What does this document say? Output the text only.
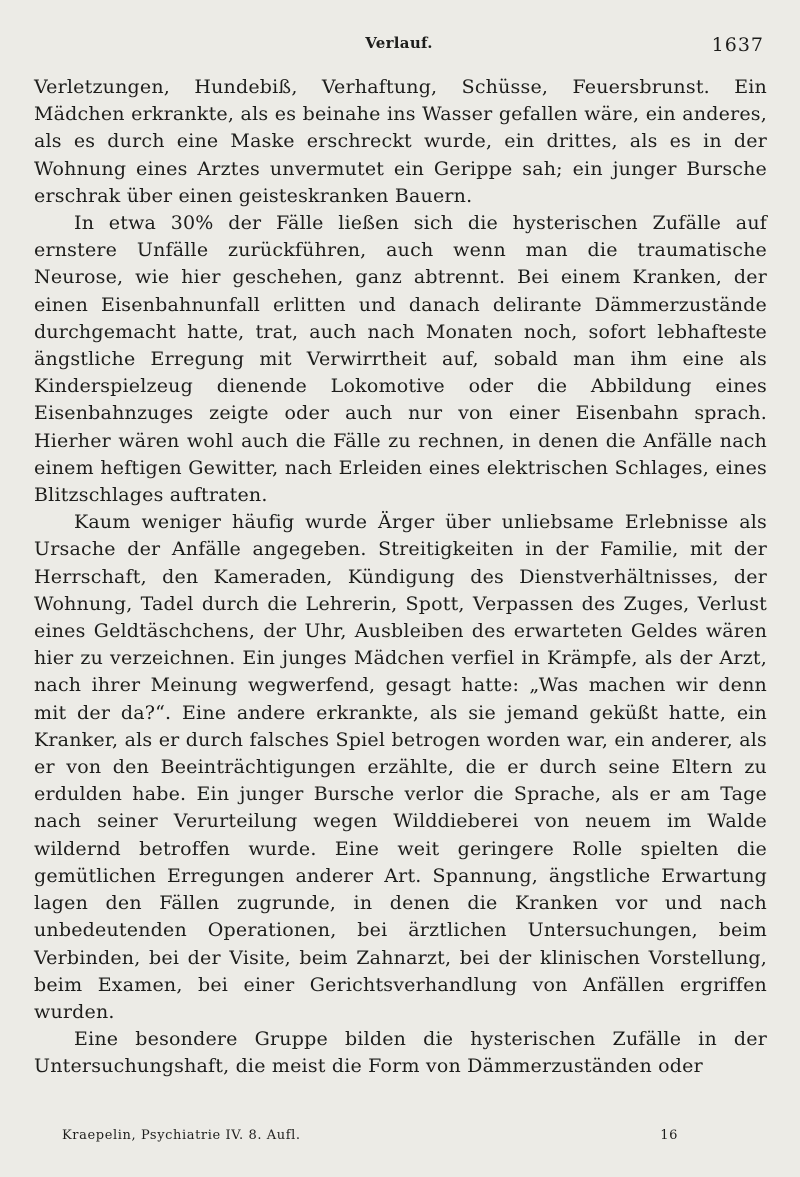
Verlauf.	1637

Verletzungen, Hundebiß, Verhaftung, Schüsse, Feuersbrunst. Ein Mädchen erkrankte, als es beinahe ins Wasser gefallen wäre, ein anderes, als es durch eine Maske erschreckt wurde, ein drittes, als es in der Wohnung eines Arztes unvermutet ein Gerippe sah; ein junger Bursche erschrak über einen geisteskranken Bauern.

In etwa 30% der Fälle ließen sich die hysterischen Zufälle auf ernstere Unfälle zurückführen, auch wenn man die traumatische Neurose, wie hier geschehen, ganz abtrennt. Bei einem Kranken, der einen Eisenbahnunfall erlitten und danach delirante Dämmerzustände durchgemacht hatte, trat, auch nach Monaten noch, sofort lebhafteste ängstliche Erregung mit Verwirrtheit auf, sobald man ihm eine als Kinderspielzeug dienende Lokomotive oder die Abbildung eines Eisenbahnzuges zeigte oder auch nur von einer Eisenbahn sprach. Hierher wären wohl auch die Fälle zu rechnen, in denen die Anfälle nach einem heftigen Gewitter, nach Erleiden eines elektrischen Schlages, eines Blitzschlages auftraten.

Kaum weniger häufig wurde Ärger über unliebsame Erlebnisse als Ursache der Anfälle angegeben. Streitigkeiten in der Familie, mit der Herrschaft, den Kameraden, Kündigung des Dienstverhältnisses, der Wohnung, Tadel durch die Lehrerin, Spott, Verpassen des Zuges, Verlust eines Geldtäschchens, der Uhr, Ausbleiben des erwarteten Geldes wären hier zu verzeichnen. Ein junges Mädchen verfiel in Krämpfe, als der Arzt, nach ihrer Meinung wegwerfend, gesagt hatte: „Was machen wir denn mit der da?“. Eine andere erkrankte, als sie jemand geküßt hatte, ein Kranker, als er durch falsches Spiel betrogen worden war, ein anderer, als er von den Beeinträchtigungen erzählte, die er durch seine Eltern zu erdulden habe. Ein junger Bursche verlor die Sprache, als er am Tage nach seiner Verurteilung wegen Wilddieberei von neuem im Walde wildernd betroffen wurde. Eine weit geringere Rolle spielten die gemütlichen Erregungen anderer Art. Spannung, ängstliche Erwartung lagen den Fällen zugrunde, in denen die Kranken vor und nach unbedeutenden Operationen, bei ärztlichen Untersuchungen, beim Verbinden, bei der Visite, beim Zahnarzt, bei der klinischen Vorstellung, beim Examen, bei einer Gerichtsverhandlung von Anfällen ergriffen wurden.

Eine besondere Gruppe bilden die hysterischen Zufälle in der Untersuchungshaft, die meist die Form von Dämmerzuständen oder

Kraepelin, Psychiatrie IV. 8. Aufl.	16
